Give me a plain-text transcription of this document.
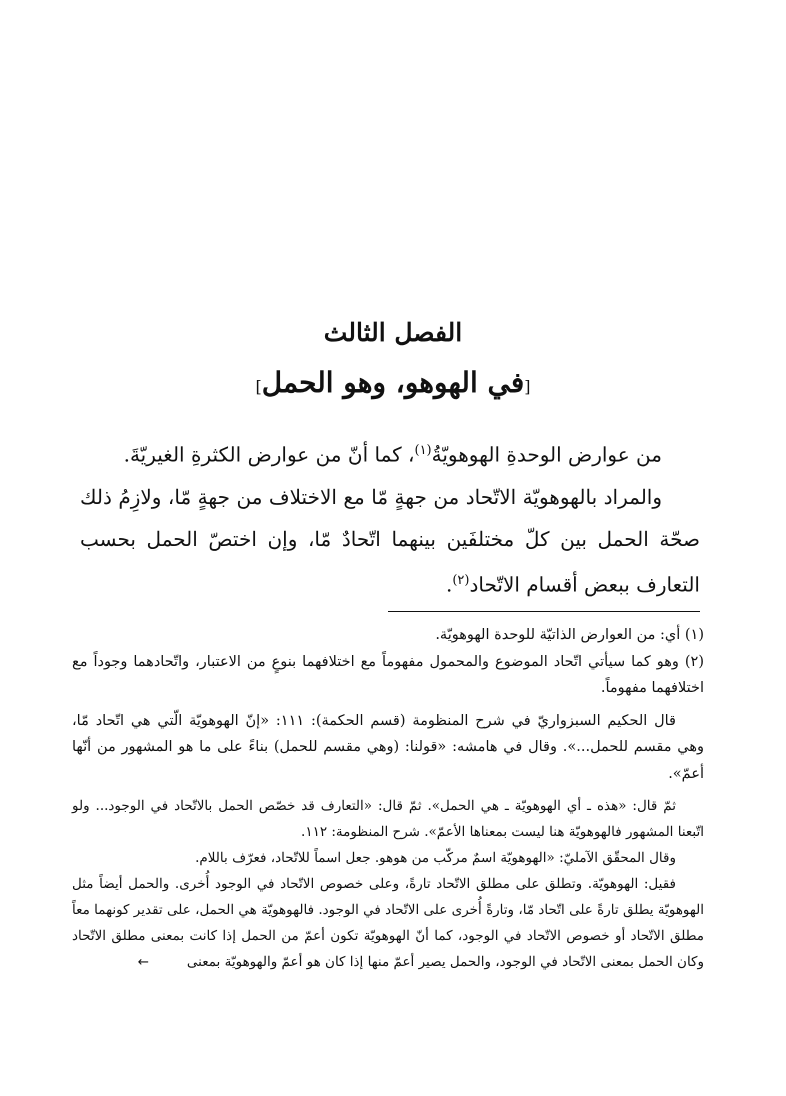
الفصل الثالث
[في الهوهو، وهو الحمل]

من عوارض الوحدةِ الهوهويّةُ$^{(١)}$، كما أنّ من عوارض الكثرةِ الغيريّةَ.

والمراد بالهوهويّة الاتّحاد من جهةٍ مّا مع الاختلاف من جهةٍ مّا، ولازِمُ ذلك صحّة الحمل بين كلّ مختلفَين بينهما اتّحادٌ مّا، وإن اختصّ الحمل بحسب التعارف ببعض أقسام الاتّحاد$^{(٢)}$.

(١) أي: من العوارض الذاتيّة للوحدة الهوهويّة.

(٢) وهو كما سيأتي اتّحاد الموضوع والمحمول مفهوماً مع اختلافهما بنوعٍ من الاعتبار، واتّحادهما وجوداً مع اختلافهما مفهوماً.

قال الحكيم السبزواريّ في شرح المنظومة (قسم الحكمة): ١١١: «إنّ الهوهويّة الّتي هي اتّحاد مّا، وهي مقسم للحمل...». وقال في هامشه: «قولنا: (وهي مقسم للحمل) بناءً على ما هو المشهور من أنّها أعمّ».

ثمّ قال: «هذه ـ أي الهوهويّة ـ هي الحمل». ثمّ قال: «التعارف قد خصّص الحمل بالاتّحاد في الوجود... ولو اتّبعنا المشهور فالهوهويّة هنا ليست بمعناها الأعمّ». شرح المنظومة: ١١٢.

وقال المحقّق الآمليّ: «الهوهويّة اسمٌ مركّب من هوهو. جعل اسماً للاتّحاد، فعرّف باللام.

فقيل: الهوهويّة. وتطلق على مطلق الاتّحاد تارةً، وعلى خصوص الاتّحاد في الوجود أُخرى. والحمل أيضاً مثل الهوهويّة يطلق تارةً على اتّحاد مّا، وتارةً أُخرى على الاتّحاد في الوجود. فالهوهويّة هي الحمل، على تقدير كونهما معاً مطلق الاتّحاد أو خصوص الاتّحاد في الوجود، كما أنّ الهوهويّة تكون أعمّ من الحمل إذا كانت بمعنى مطلق الاتّحاد وكان الحمل بمعنى الاتّحاد في الوجود، والحمل يصير أعمّ منها إذا كان هو أعمّ والهوهويّة بمعنى←
